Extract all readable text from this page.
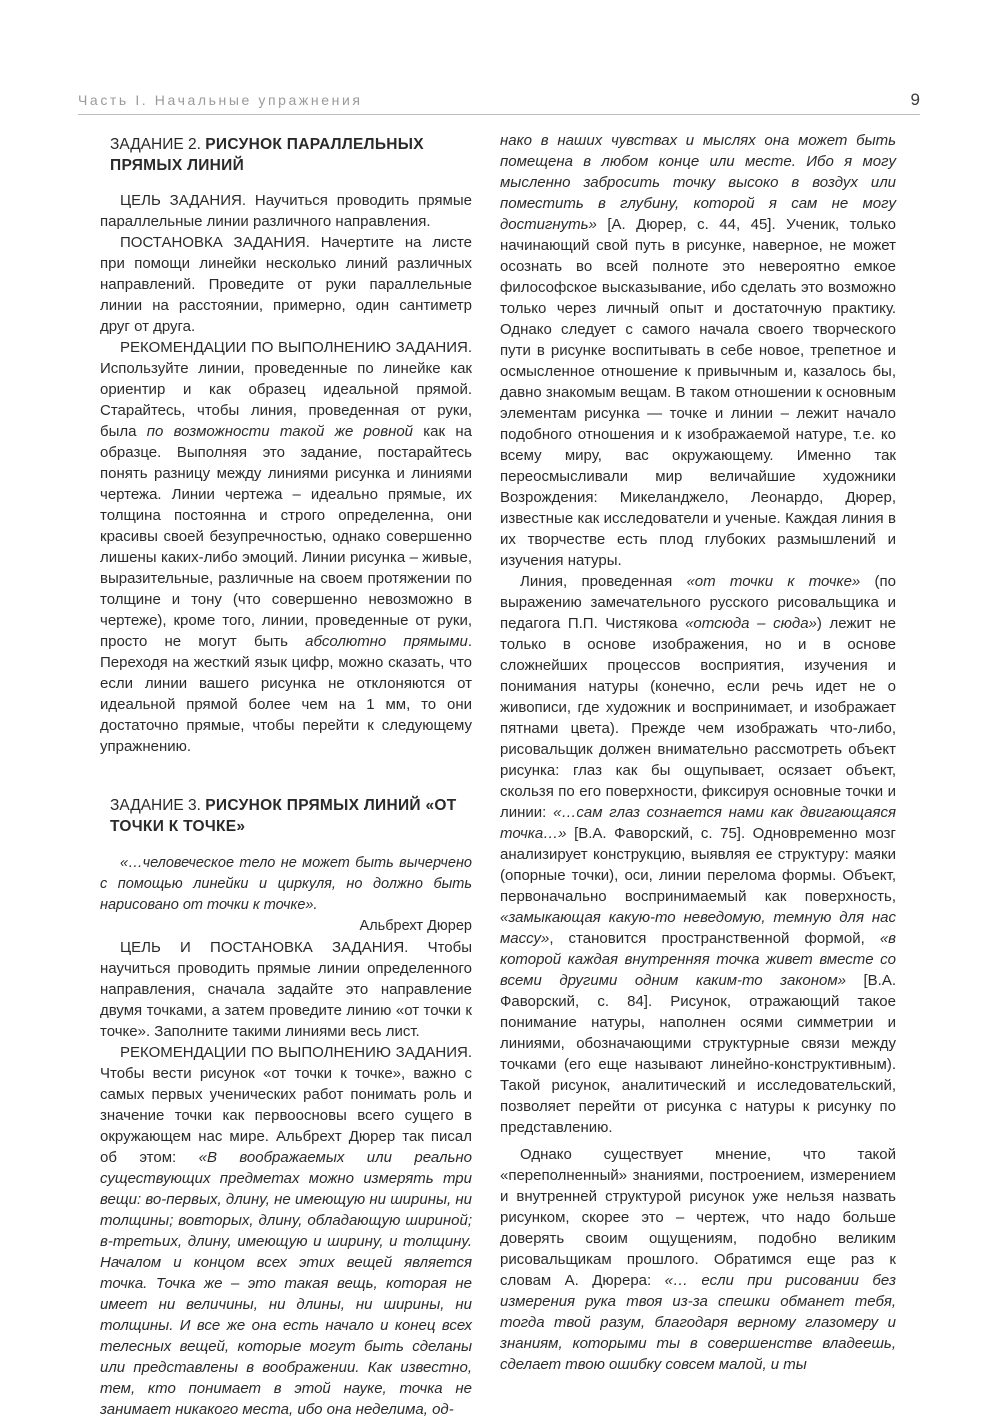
Часть I. Начальные упражнения	9
ЗАДАНИЕ 2. РИСУНОК ПАРАЛЛЕЛЬНЫХ ПРЯМЫХ ЛИНИЙ

ЦЕЛЬ ЗАДАНИЯ. Научиться проводить прямые параллельные линии различного направления.

ПОСТАНОВКА ЗАДАНИЯ. Начертите на листе при помощи линейки несколько линий различных направлений. Проведите от руки параллельные линии на расстоянии, примерно, один сантиметр друг от друга.

РЕКОМЕНДАЦИИ ПО ВЫПОЛНЕНИЮ ЗАДАНИЯ. Используйте линии, проведенные по линейке как ориентир и как образец идеальной прямой. Старайтесь, чтобы линия, проведенная от руки, была по возможности такой же ровной как на образце. Выполняя это задание, постарайтесь понять разницу между линиями рисунка и линиями чертежа. Линии чертежа – идеально прямые, их толщина постоянна и строго определенна, они красивы своей безупречностью, однако совершенно лишены каких-либо эмоций. Линии рисунка – живые, выразительные, различные на своем протяжении по толщине и тону (что совершенно невозможно в чертеже), кроме того, линии, проведенные от руки, просто не могут быть абсолютно прямыми. Переходя на жесткий язык цифр, можно сказать, что если линии вашего рисунка не отклоняются от идеальной прямой более чем на 1 мм, то они достаточно прямые, чтобы перейти к следующему упражнению.

ЗАДАНИЕ 3. РИСУНОК ПРЯМЫХ ЛИНИЙ «ОТ ТОЧКИ К ТОЧКЕ»

«…человеческое тело не может быть вычерчено с помощью линейки и циркуля, но должно быть нарисовано от точки к точке».

Альбрехт Дюрер

ЦЕЛЬ И ПОСТАНОВКА ЗАДАНИЯ. Чтобы научиться проводить прямые линии определенного направления, сначала задайте это направление двумя точками, а затем проведите линию «от точки к точке». Заполните такими линиями весь лист.

РЕКОМЕНДАЦИИ ПО ВЫПОЛНЕНИЮ ЗАДАНИЯ. Чтобы вести рисунок «от точки к точке», важно с самых первых ученических работ понимать роль и значение точки как первоосновы всего сущего в окружающем нас мире. Альбрехт Дюрер так писал об этом: «В воображаемых или реально существующих предметах можно измерять три вещи: во-первых, длину, не имеющую ни ширины, ни толщины; вовторых, длину, обладающую шириной; в-третьих, длину, имеющую и ширину, и толщину. Началом и концом всех этих вещей является точка. Точка же – это такая вещь, которая не имеет ни величины, ни длины, ни ширины, ни толщины. И все же она есть начало и конец всех телесных вещей, которые могут быть сделаны или представлены в воображении. Как известно, тем, кто понимает в этой науке, точка не занимает никакого места, ибо она неделима, од-

нако в наших чувствах и мыслях она может быть помещена в любом конце или месте. Ибо я могу мысленно забросить точку высоко в воздух или поместить в глубину, которой я сам не могу достигнуть» [А. Дюрер, с. 44, 45]. Ученик, только начинающий свой путь в рисунке, наверное, не может осознать во всей полноте это невероятно емкое философское высказывание, ибо сделать это возможно только через личный опыт и достаточную практику. Однако следует с самого начала своего творческого пути в рисунке воспитывать в себе новое, трепетное и осмысленное отношение к привычным и, казалось бы, давно знакомым вещам. В таком отношении к основным элементам рисунка — точке и линии – лежит начало подобного отношения и к изображаемой натуре, т.е. ко всему миру, вас окружающему. Именно так переосмысливали мир величайшие художники Возрождения: Микеланджело, Леонардо, Дюрер, известные как исследователи и ученые. Каждая линия в их творчестве есть плод глубоких размышлений и изучения натуры.

Линия, проведенная «от точки к точке» (по выражению замечательного русского рисовальщика и педагога П.П. Чистякова «отсюда – сюда») лежит не только в основе изображения, но и в основе сложнейших процессов восприятия, изучения и понимания натуры (конечно, если речь идет не о живописи, где художник и воспринимает, и изображает пятнами цвета). Прежде чем изображать что-либо, рисовальщик должен внимательно рассмотреть объект рисунка: глаз как бы ощупывает, осязает объект, скользя по его поверхности, фиксируя основные точки и линии: «…сам глаз сознается нами как двигающаяся точка…» [В.А. Фаворский, с. 75]. Одновременно мозг анализирует конструкцию, выявляя ее структуру: маяки (опорные точки), оси, линии перелома формы. Объект, первоначально воспринимаемый как поверхность, «замыкающая какую-то неведомую, темную для нас массу», становится пространственной формой, «в которой каждая внутренняя точка живет вместе со всеми другими одним каким-то законом» [В.А. Фаворский, с. 84]. Рисунок, отражающий такое понимание натуры, наполнен осями симметрии и линиями, обозначающими структурные связи между точками (его еще называют линейно-конструктивным). Такой рисунок, аналитический и исследовательский, позволяет перейти от рисунка с натуры к рисунку по представлению.

Однако существует мнение, что такой «переполненный» знаниями, построением, измерением и внутренней структурой рисунок уже нельзя назвать рисунком, скорее это – чертеж, что надо больше доверять своим ощущениям, подобно великим рисовальщикам прошлого. Обратимся еще раз к словам А. Дюрера: «… если при рисовании без измерения рука твоя из-за спешки обманет тебя, тогда твой разум, благодаря верному глазомеру и знаниям, которыми ты в совершенстве владеешь, сделает твою ошибку совсем малой, и ты
